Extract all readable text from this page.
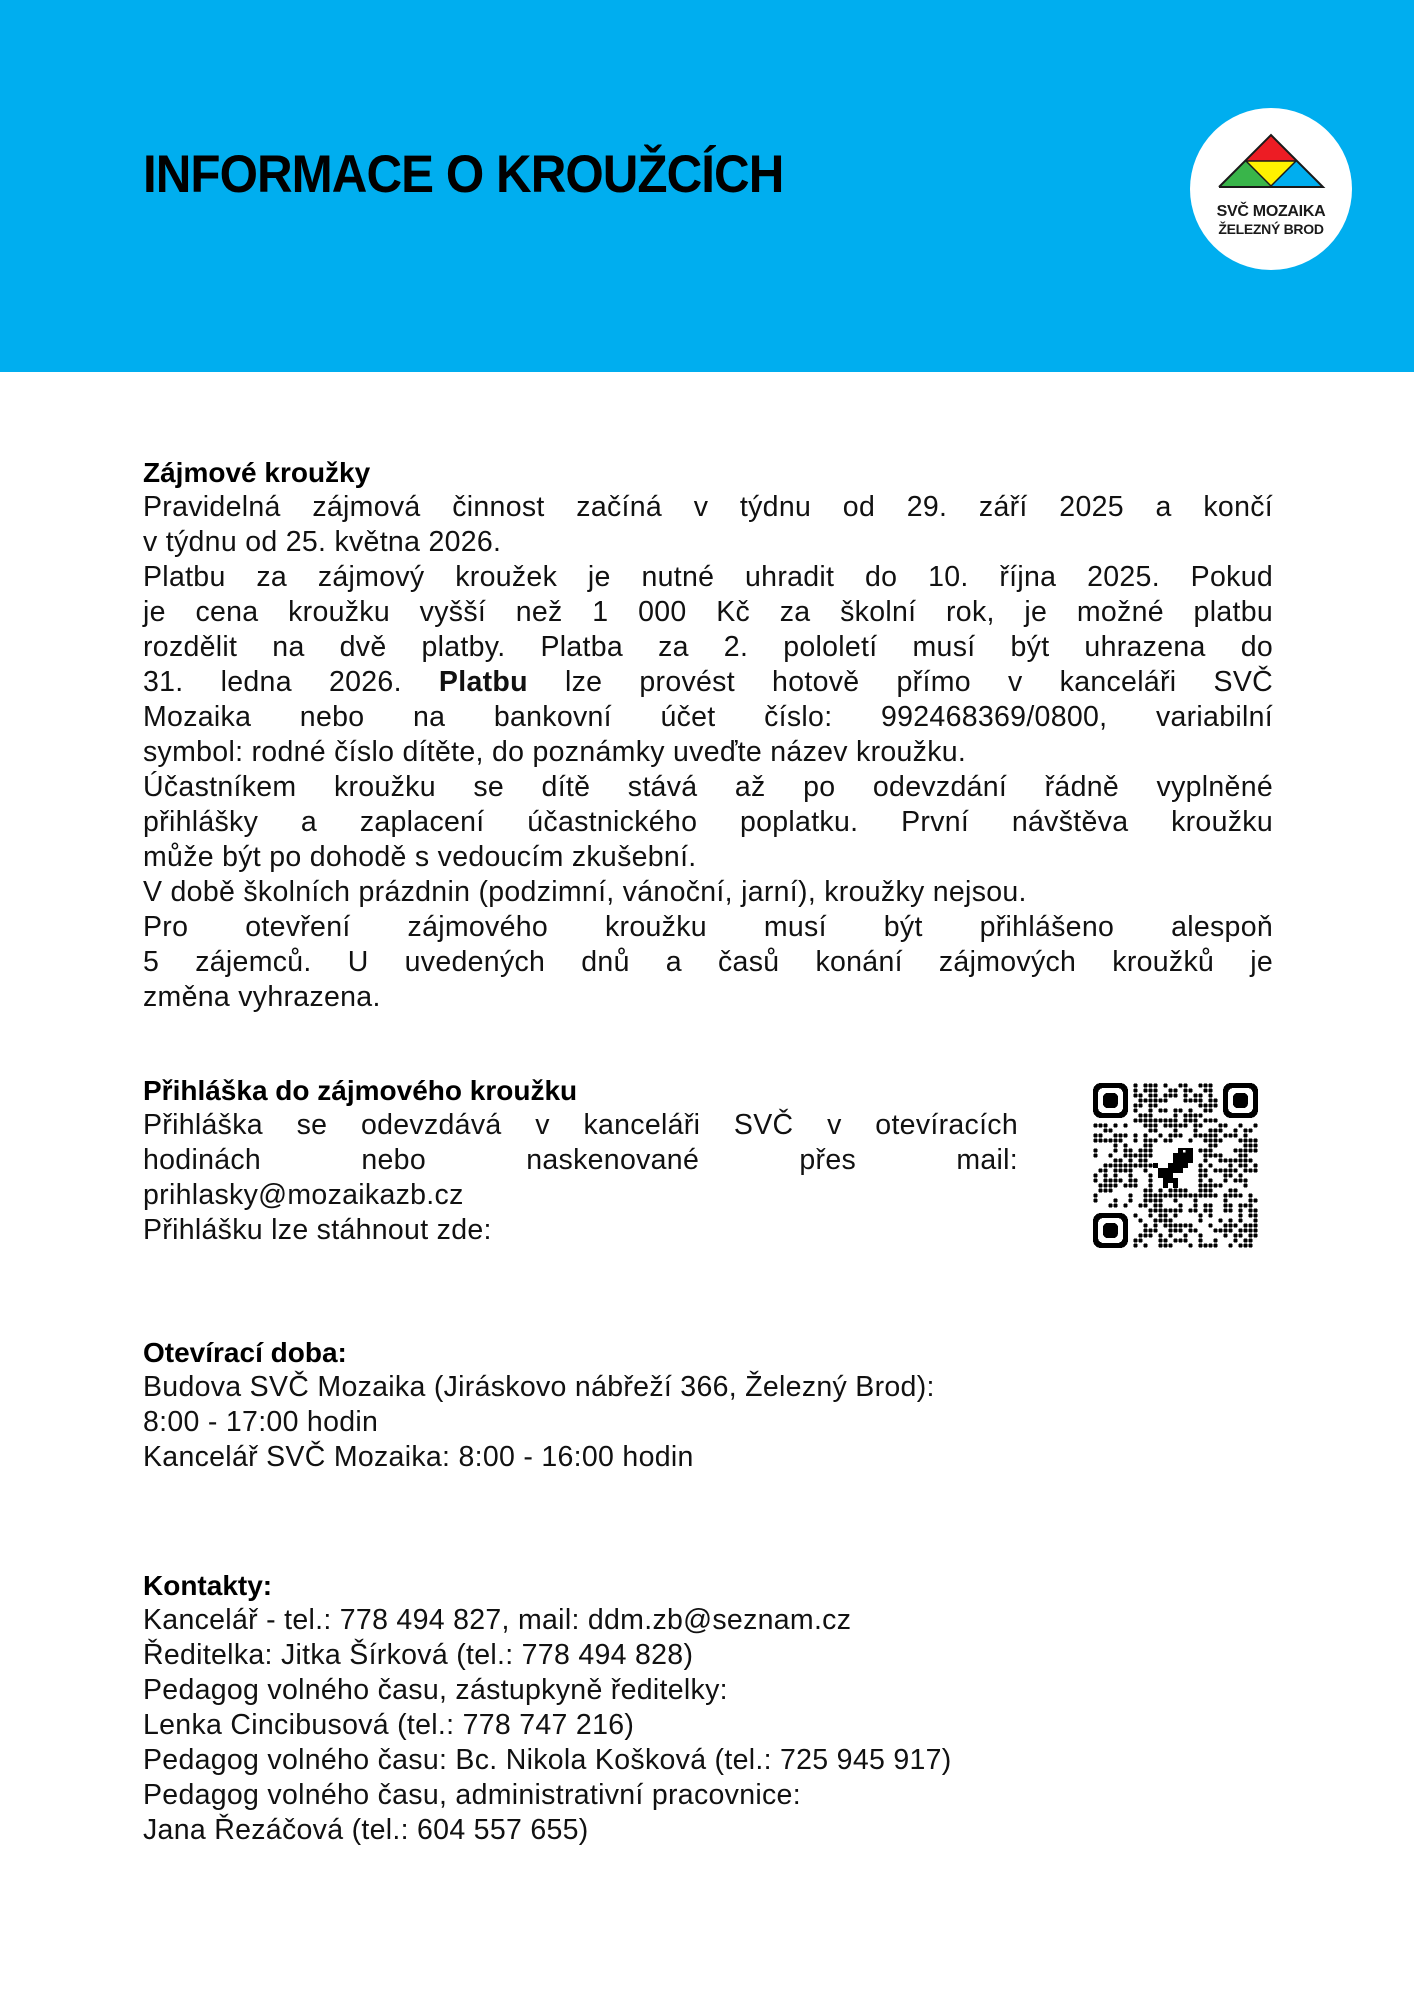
INFORMACE O KROUŽCÍCH
SVČ MOZAIKA
ŽELEZNÝ BROD
Zájmové kroužky
Pravidelná zájmová činnost začíná v týdnu od 29. září 2025 a končí
v týdnu od 25. května 2026.
Platbu za zájmový kroužek je nutné uhradit do 10. října 2025. Pokud
je cena kroužku vyšší než 1 000 Kč za školní rok, je možné platbu
rozdělit na dvě platby. Platba za 2. pololetí musí být uhrazena do
31. ledna 2026. Platbu lze provést hotově přímo v kanceláři SVČ
Mozaika nebo na bankovní účet číslo: 992468369/0800, variabilní
symbol: rodné číslo dítěte, do poznámky uveďte název kroužku.
Účastníkem kroužku se dítě stává až po odevzdání řádně vyplněné
přihlášky a zaplacení účastnického poplatku. První návštěva kroužku
může být po dohodě s vedoucím zkušební.
V době školních prázdnin (podzimní, vánoční, jarní), kroužky nejsou.
Pro otevření zájmového kroužku musí být přihlášeno alespoň
5 zájemců. U uvedených dnů a časů konání zájmových kroužků je
změna vyhrazena.
Přihláška do zájmového kroužku
Přihláška se odevzdává v kanceláři SVČ v otevíracích
hodinách nebo naskenované přes mail:
prihlasky@mozaikazb.cz
Přihlášku lze stáhnout zde:
Otevírací doba:
Budova SVČ Mozaika (Jiráskovo nábřeží 366, Železný Brod):
8:00 - 17:00 hodin
Kancelář SVČ Mozaika: 8:00 - 16:00 hodin
Kontakty:
Kancelář - tel.: 778 494 827, mail: ddm.zb@seznam.cz
Ředitelka: Jitka Šírková (tel.: 778 494 828)
Pedagog volného času, zástupkyně ředitelky:
Lenka Cincibusová (tel.: 778 747 216)
Pedagog volného času: Bc. Nikola Košková (tel.: 725 945 917)
Pedagog volného času, administrativní pracovnice:
Jana Řezáčová (tel.: 604 557 655)
